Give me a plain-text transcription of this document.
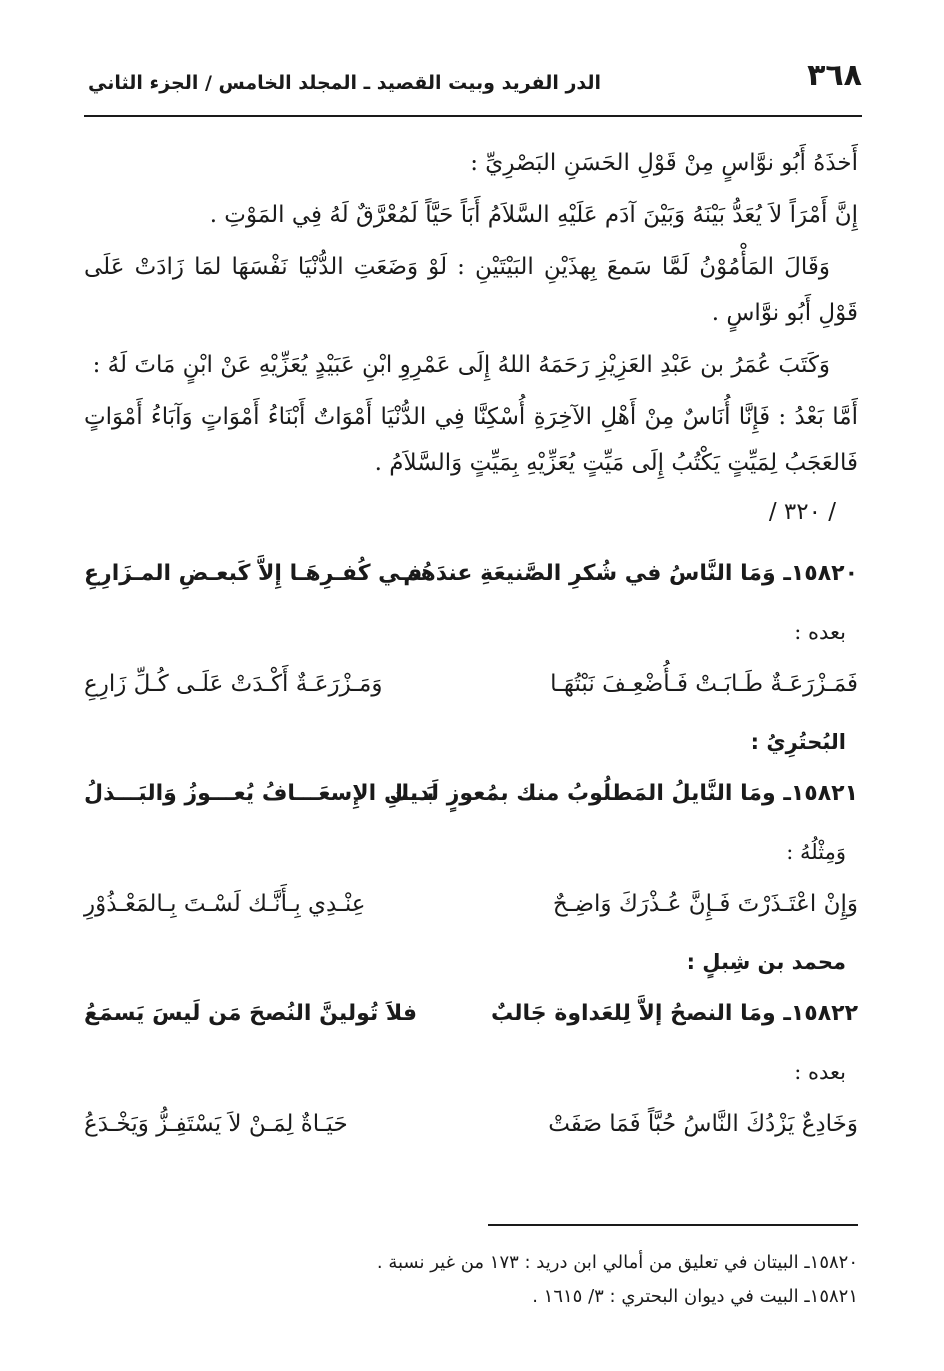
٣٦٨
الدر الفريد وبيت القصيد ـ المجلد الخامس / الجزء الثاني

أَخذَهُ أَبُو نوَّاسٍ مِنْ قَوْلِ الحَسَنِ البَصْرِيِّ :

إِنَّ أَمْرَاً لاَ يُعَدُّ بَيْنَهُ وَبَيْنَ آدَم عَلَيْهِ السَّلاَمُ أَبَاً حَيَّاً لَمُعْرَّقٌ لَهُ فِي المَوْتِ .

وَقَالَ المَأْمُوْنُ لَمَّا سَمعَ بِهذَيْنِ البَيْتَيْنِ : لَوْ وَضَعَتِ الدُّنْيَا نَفْسَهَا لمَا زَادَتْ عَلَى قَوْلِ أَبُو نوَّاسٍ .

وَكَتَبَ عُمَرُ بن عَبْدِ العَزِيْزِ رَحَمَهُ اللهُ إِلَى عَمْرِوِ ابْنِ عَبَيْدٍ يُعَزِّيْهِ عَنْ ابْنٍ مَاتَ لَهُ :

أَمَّا بَعْدُ : فَإِنَّا أُنَاسٌ مِنْ أَهْلِ الآخِرَةِ أُسْكِنَّا فِي الدُّنْيَا أَمْوَاتٌ أَبْنَاءُ أَمْوَاتٍ وَآبَاءُ أَمْوَاتٍ فَالعَجَبُ لِمَيِّتٍ يَكْتُبُ إِلَى مَيِّتٍ يُعَزِّيْهِ بِمَيِّتٍ وَالسَّلاَمُ .

/ ٣٢٠ /
١٥٨٢٠ـ وَمَا النَّاسُ في شُكرِ الصَّنيعَةِ عندَهُم
فـي كُفـرِهَـا إِلاَّ كَبعـضِ المـزَارِعِ
بعده :
فَمَـزْرَعَـةٌ طَـابَـتْ فَـأُضْعِـفَ نَبْتُهَـا
وَمَـزْرَعَـةٌ أَكْـدَتْ عَلَـى كُـلِّ زَارِعِ
البُحتُرِيُ :
١٥٨٢١ـ ومَا النَّايلُ المَطلُوبُ منك بمُعوزٍ لَديك
بَـــلِ الإِسعَـــافُ يُعـــوزُ وَالبَـــذلُ
وَمِثْلُهُ :
وَإِنْ اعْتَـذَرْتَ فَـإِنَّ عُـذْرَكَ وَاضِـحٌ
عِنْـدِي بِـأَنَّـك لَسْـتَ بِـالمَعْـذُوْرِ
محمد بن شِبلٍ :
١٥٨٢٢ـ ومَا النصحُ إلاَّ لِلعَداوة جَالبٌ
فلاَ تُولينَّ النُصحَ مَن لَيسَ يَسمَعُ
بعده :
وَخَادِعٌ يَزْدُكَ النَّاسُ حُبَّاً فَمَا صَفَتْ
حَيَـاةٌ لِمَـنْ لاَ يَسْتَفِـزُّ وَيَخْـدَعُ

١٥٨٢٠ـ البيتان في تعليق من أمالي ابن دريد : ١٧٣ من غير نسبة .

١٥٨٢١ـ البيت في ديوان البحتري : ٣/ ١٦١٥ .
